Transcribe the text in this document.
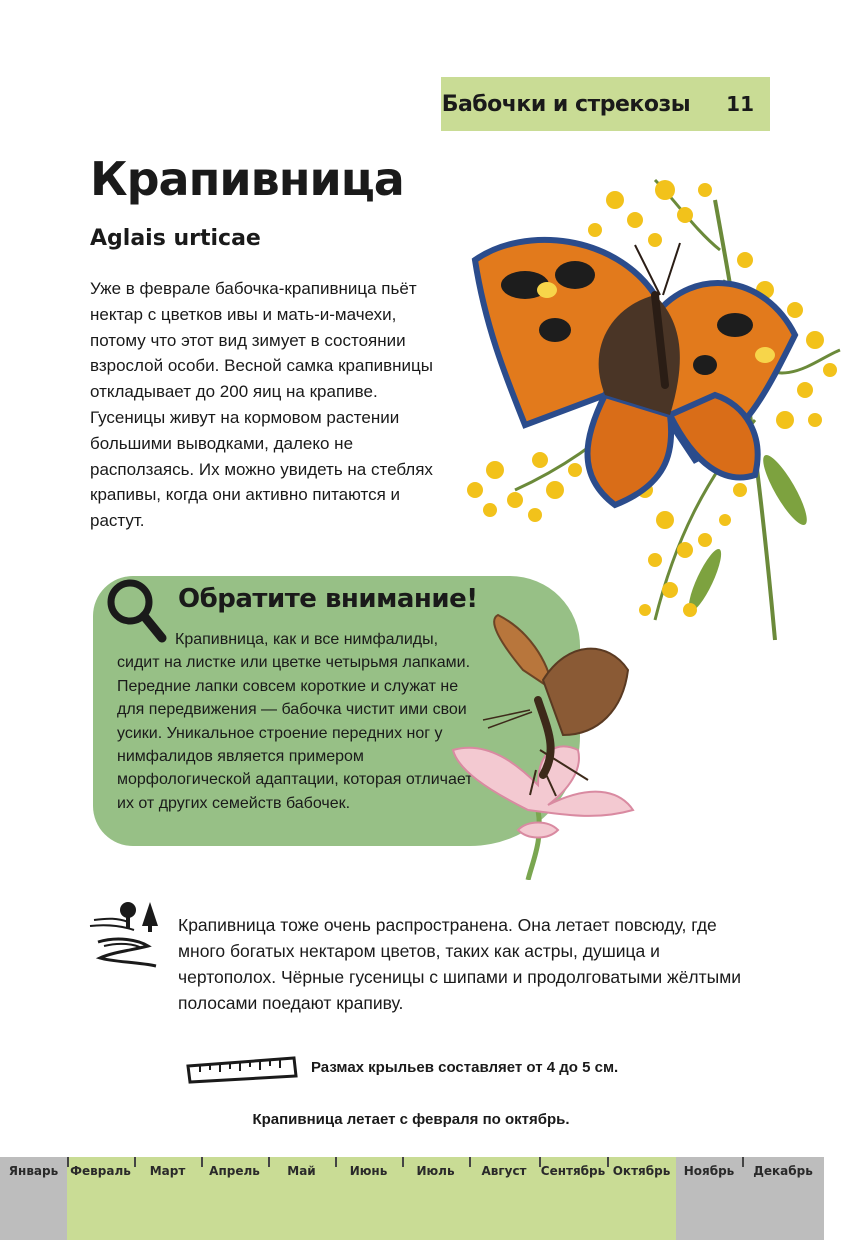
Бабочки и стрекозы 11
Крапивница
Aglais urticae

Уже в феврале бабочка-крапивница пьёт нектар с цветков ивы и мать-и-мачехи, потому что этот вид зимует в состоянии взрослой особи. Весной самка крапивницы откладывает до 200 яиц на крапиве. Гусеницы живут на кормовом растении большими выводками, далеко не расползаясь. Их можно увидеть на стеблях крапивы, когда они активно питаются и растут.

Обратите внимание!

Крапивница, как и все нимфалиды, сидит на листке или цветке четырьмя лапками. Передние лапки совсем короткие и служат не для передвижения — бабочка чистит ими свои усики. Уникальное строение передних ног у нимфалидов является примером морфологической адаптации, которая отличает их от других семейств бабочек.

Крапивница тоже очень распространена. Она летает повсюду, где много богатых нектаром цветов, таких как астры, душица и чертополох. Чёрные гусеницы с шипами и продолговатыми жёлтыми полосами поедают крапиву.

Размах крыльев составляет от 4 до 5 см.
Крапивница летает с февраля по октябрь.
Январь Февраль	Март	Апрель	Май	Июнь	Июль	Август	Сентябрь Октябрь	Ноябрь	Декабрь
